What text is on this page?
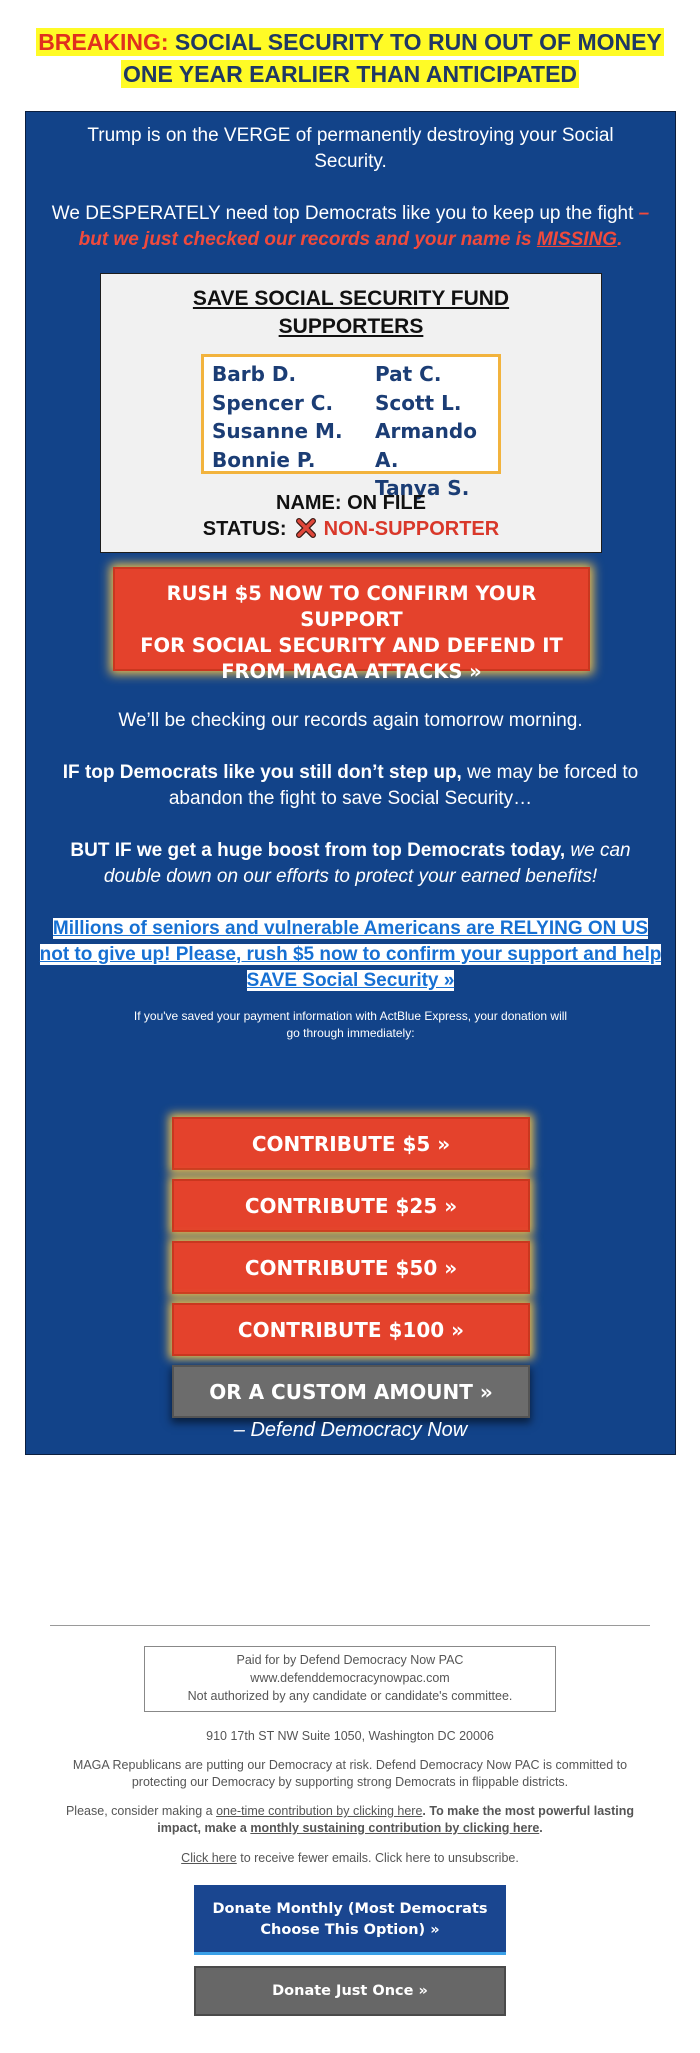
BREAKING: SOCIAL SECURITY TO RUN OUT OF MONEY
ONE YEAR EARLIER THAN ANTICIPATED

Trump is on the VERGE of permanently destroying your Social Security.

We DESPERATELY need top Democrats like you to keep up the fight – but we just checked our records and your name is MISSING.

SAVE SOCIAL SECURITY FUND
SUPPORTERS
Barb D.
Spencer C.
Susanne M.
Bonnie P.
Pat C.
Scott L.
Armando A.
Tanya S.
NAME: ON FILE
STATUS: NON-SUPPORTER
RUSH $5 NOW TO CONFIRM YOUR SUPPORT
FOR SOCIAL SECURITY AND DEFEND IT
FROM MAGA ATTACKS »

We’ll be checking our records again tomorrow morning.

IF top Democrats like you still don’t step up, we may be forced to abandon the fight to save Social Security…

BUT IF we get a huge boost from top Democrats today, we can double down on our efforts to protect your earned benefits!

Millions of seniors and vulnerable Americans are RELYING ON US not to give up! Please, rush $5 now to confirm your support and help SAVE Social Security »

If you've saved your payment information with ActBlue Express, your donation will go through immediately:

CONTRIBUTE $5 »
CONTRIBUTE $25 »
CONTRIBUTE $50 »
CONTRIBUTE $100 »
OR A CUSTOM AMOUNT »
– Defend Democracy Now
Paid for by Defend Democracy Now PAC
www.defenddemocracynowpac.com
Not authorized by any candidate or candidate's committee.
910 17th ST NW Suite 1050, Washington DC 20006
MAGA Republicans are putting our Democracy at risk. Defend Democracy Now PAC is committed to protecting our Democracy by supporting strong Democrats in flippable districts.
Please, consider making a one-time contribution by clicking here. To make the most powerful lasting impact, make a monthly sustaining contribution by clicking here.
Click here to receive fewer emails. Click here to unsubscribe.
Donate Monthly (Most Democrats
Choose This Option) »
Donate Just Once »
